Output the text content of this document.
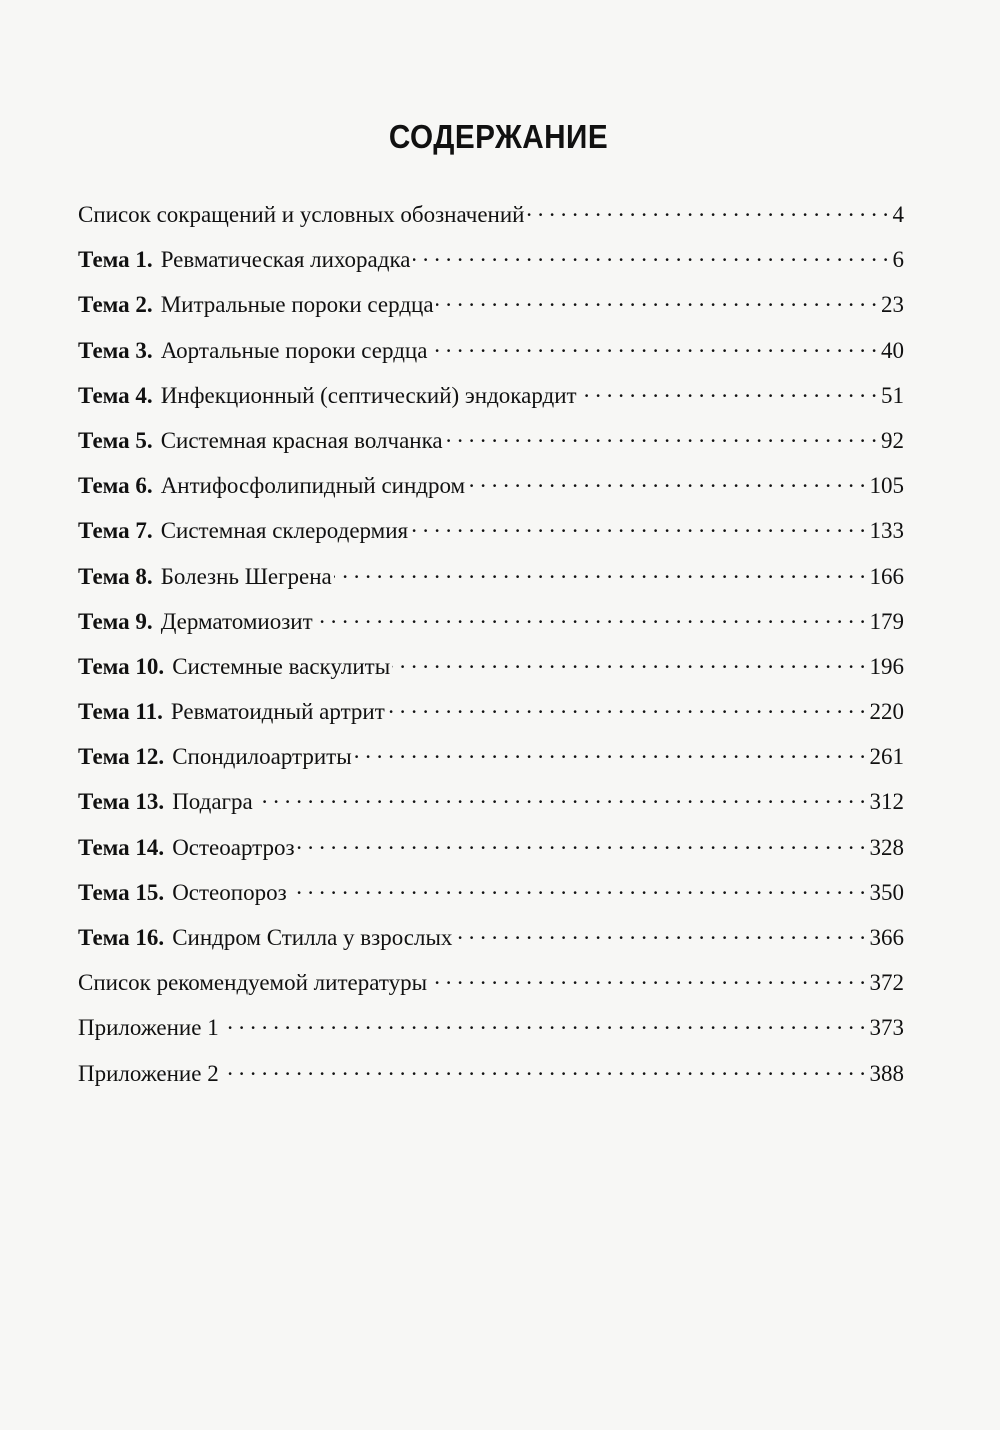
СОДЕРЖАНИЕ
Список сокращений и условных обозначений . . .	4
Тема 1. Ревматическая лихорадка . . .	6
Тема 2. Митральные пороки сердца . . .	23
Тема 3. Аортальные пороки сердца . . .	40
Тема 4. Инфекционный (септический) эндокардит . . .	51
Тема 5. Системная красная волчанка . . .	92
Тема 6. Антифосфолипидный синдром . . .	105
Тема 7. Системная склеродермия . . .	133
Тема 8. Болезнь Шегрена . . .	166
Тема 9. Дерматомиозит . . .	179
Тема 10. Системные васкулиты . . .	196
Тема 11. Ревматоидный артрит . . .	220
Тема 12. Спондилоартриты . . .	261
Тема 13. Подагра . . .	312
Тема 14. Остеоартроз . . .	328
Тема 15. Остеопороз . . .	350
Тема 16. Синдром Стилла у взрослых . . .	366
Список рекомендуемой литературы . . .	372
Приложение 1 . . .	373
Приложение 2 . . .	388
